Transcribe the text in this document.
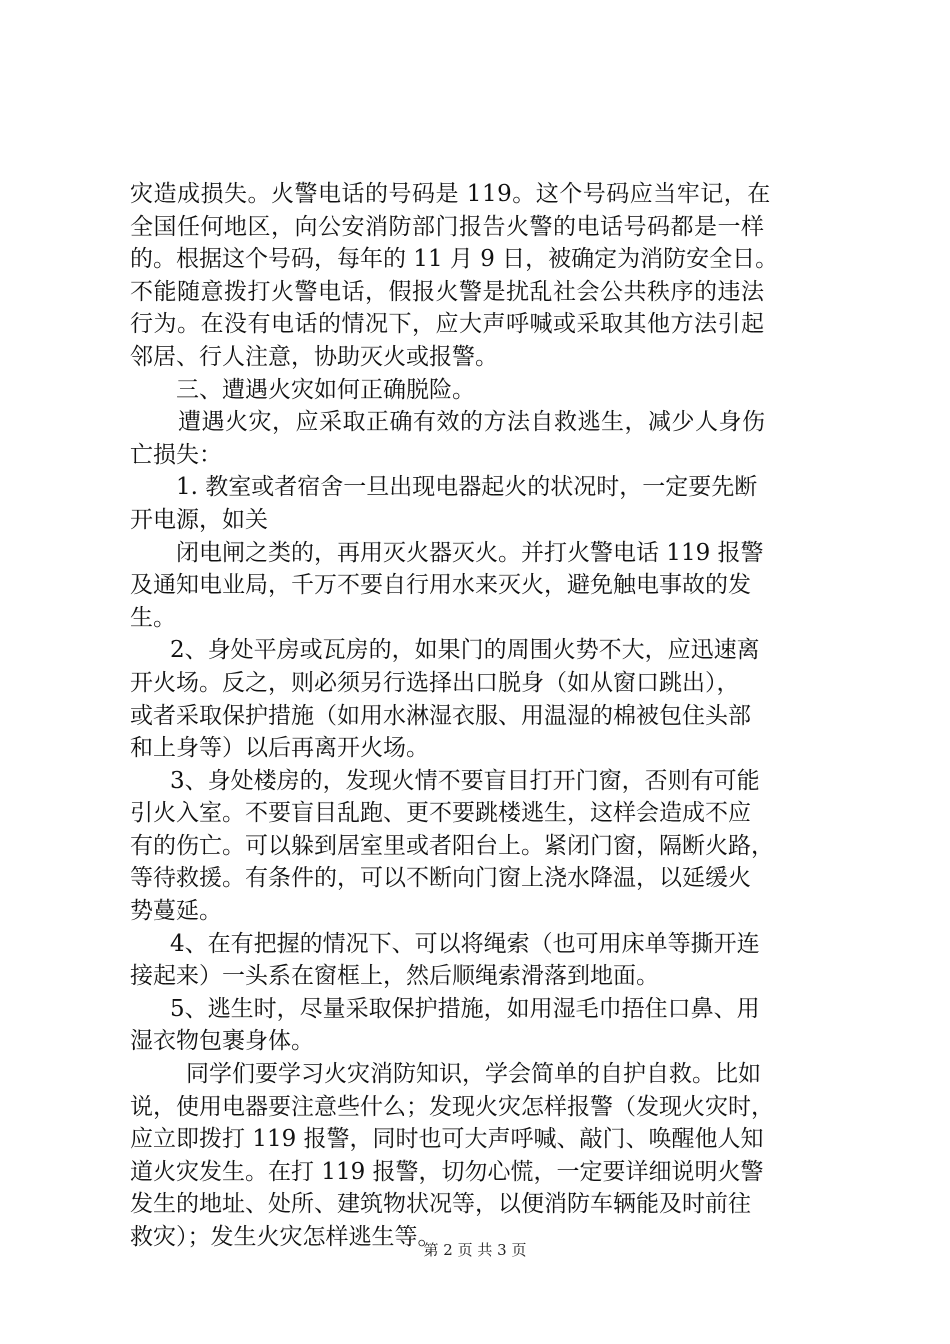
灾造成损失。火警电话的号码是 119。这个号码应当牢记，在
全国任何地区，向公安消防部门报告火警的电话号码都是一样
的。根据这个号码，每年的 11 月 9 日，被确定为消防安全日。
不能随意拨打火警电话，假报火警是扰乱社会公共秩序的违法
行为。在没有电话的情况下，应大声呼喊或采取其他方法引起
邻居、行人注意，协助灭火或报警。
三、遭遇火灾如何正确脱险。
遭遇火灾，应采取正确有效的方法自救逃生，减少人身伤
亡损失：
1. 教室或者宿舍一旦出现电器起火的状况时，一定要先断
开电源，如关
闭电闸之类的，再用灭火器灭火。并打火警电话 119 报警
及通知电业局，千万不要自行用水来灭火，避免触电事故的发
生。
2、身处平房或瓦房的，如果门的周围火势不大，应迅速离
开火场。反之，则必须另行选择出口脱身（如从窗口跳出），
或者采取保护措施（如用水淋湿衣服、用温湿的棉被包住头部
和上身等）以后再离开火场。
3、身处楼房的，发现火情不要盲目打开门窗，否则有可能
引火入室。不要盲目乱跑、更不要跳楼逃生，这样会造成不应
有的伤亡。可以躲到居室里或者阳台上。紧闭门窗，隔断火路，
等待救援。有条件的，可以不断向门窗上浇水降温，以延缓火
势蔓延。
4、在有把握的情况下、可以将绳索（也可用床单等撕开连
接起来）一头系在窗框上，然后顺绳索滑落到地面。
5、逃生时，尽量采取保护措施，如用湿毛巾捂住口鼻、用
湿衣物包裹身体。
同学们要学习火灾消防知识，学会简单的自护自救。比如
说，使用电器要注意些什么；发现火灾怎样报警（发现火灾时，
应立即拨打 119 报警，同时也可大声呼喊、敲门、唤醒他人知
道火灾发生。在打 119 报警，切勿心慌，一定要详细说明火警
发生的地址、处所、建筑物状况等，以便消防车辆能及时前往
救灾）；发生火灾怎样逃生等。
第 2 页 共 3 页
